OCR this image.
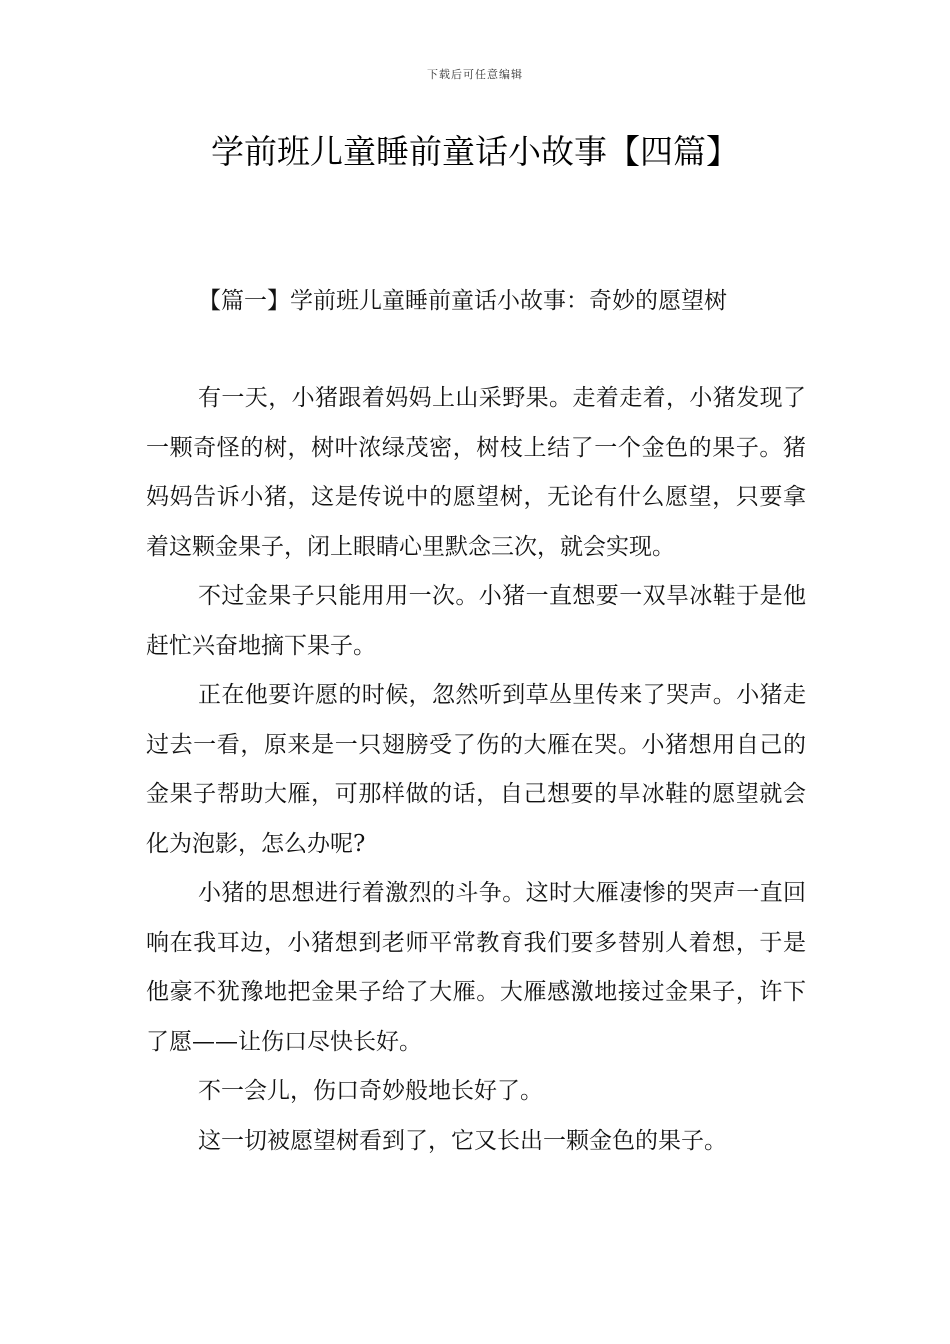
下载后可任意编辑
学前班儿童睡前童话小故事【四篇】
【篇一】学前班儿童睡前童话小故事：奇妙的愿望树

有一天，小猪跟着妈妈上山采野果。走着走着，小猪发现了一颗奇怪的树，树叶浓绿茂密，树枝上结了一个金色的果子。猪妈妈告诉小猪，这是传说中的愿望树，无论有什么愿望，只要拿着这颗金果子，闭上眼睛心里默念三次，就会实现。

不过金果子只能用用一次。小猪一直想要一双旱冰鞋于是他赶忙兴奋地摘下果子。

正在他要许愿的时候，忽然听到草丛里传来了哭声。小猪走过去一看，原来是一只翅膀受了伤的大雁在哭。小猪想用自己的金果子帮助大雁，可那样做的话，自己想要的旱冰鞋的愿望就会化为泡影，怎么办呢?

小猪的思想进行着激烈的斗争。这时大雁凄惨的哭声一直回响在我耳边，小猪想到老师平常教育我们要多替别人着想，于是他豪不犹豫地把金果子给了大雁。大雁感激地接过金果子，许下了愿——让伤口尽快长好。

不一会儿，伤口奇妙般地长好了。

这一切被愿望树看到了，它又长出一颗金色的果子。
